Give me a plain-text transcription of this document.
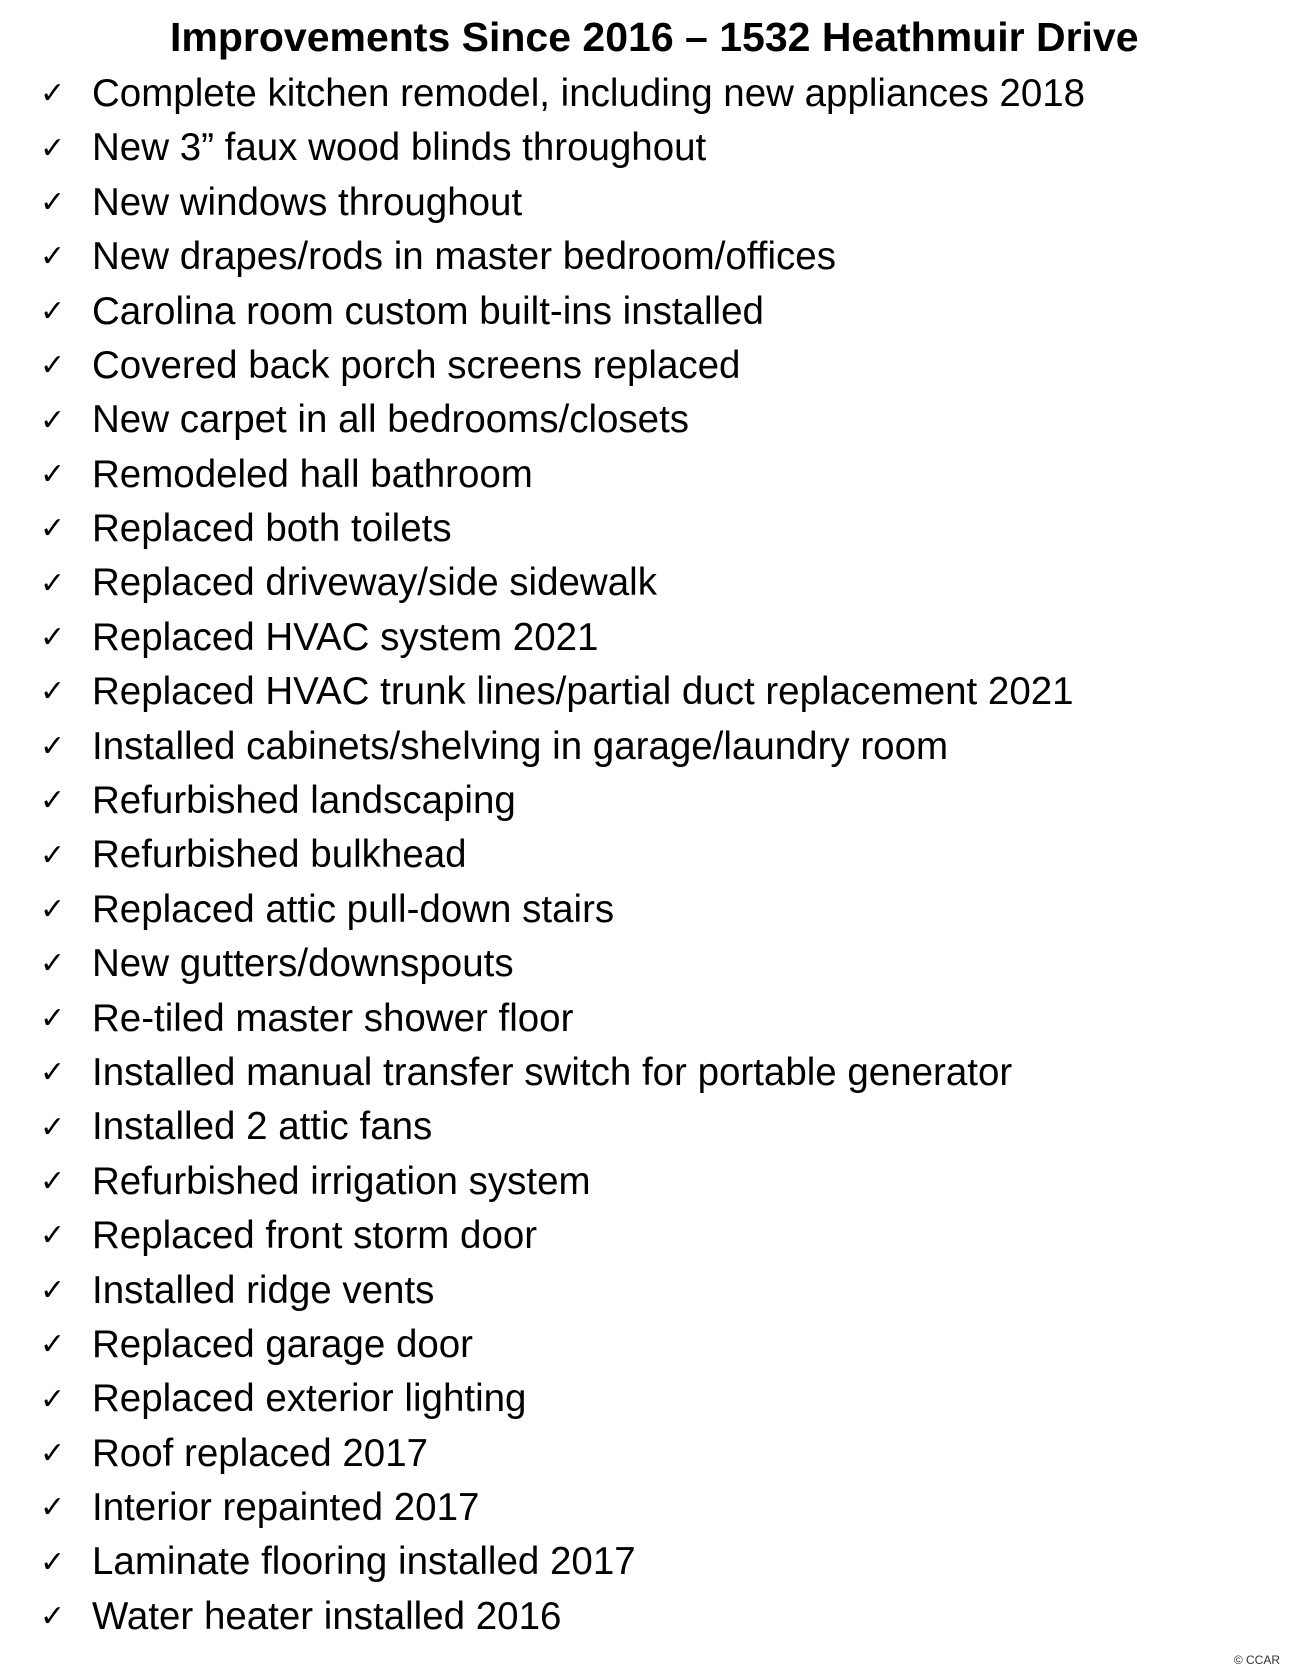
Improvements Since 2016 – 1532 Heathmuir Drive
✓ Complete kitchen remodel, including new appliances 2018
✓ New 3” faux wood blinds throughout
✓ New windows throughout
✓ New drapes/rods in master bedroom/offices
✓ Carolina room custom built-ins installed
✓ Covered back porch screens replaced
✓ New carpet in all bedrooms/closets
✓ Remodeled hall bathroom
✓ Replaced both toilets
✓ Replaced driveway/side sidewalk
✓ Replaced HVAC system 2021
✓ Replaced HVAC trunk lines/partial duct replacement 2021
✓ Installed cabinets/shelving in garage/laundry room
✓ Refurbished landscaping
✓ Refurbished bulkhead
✓ Replaced attic pull-down stairs
✓ New gutters/downspouts
✓ Re-tiled master shower floor
✓ Installed manual transfer switch for portable generator
✓ Installed 2 attic fans
✓ Refurbished irrigation system
✓ Replaced front storm door
✓ Installed ridge vents
✓ Replaced garage door
✓ Replaced exterior lighting
✓ Roof replaced 2017
✓ Interior repainted 2017
✓ Laminate flooring installed 2017
✓ Water heater installed 2016
© CCAR
